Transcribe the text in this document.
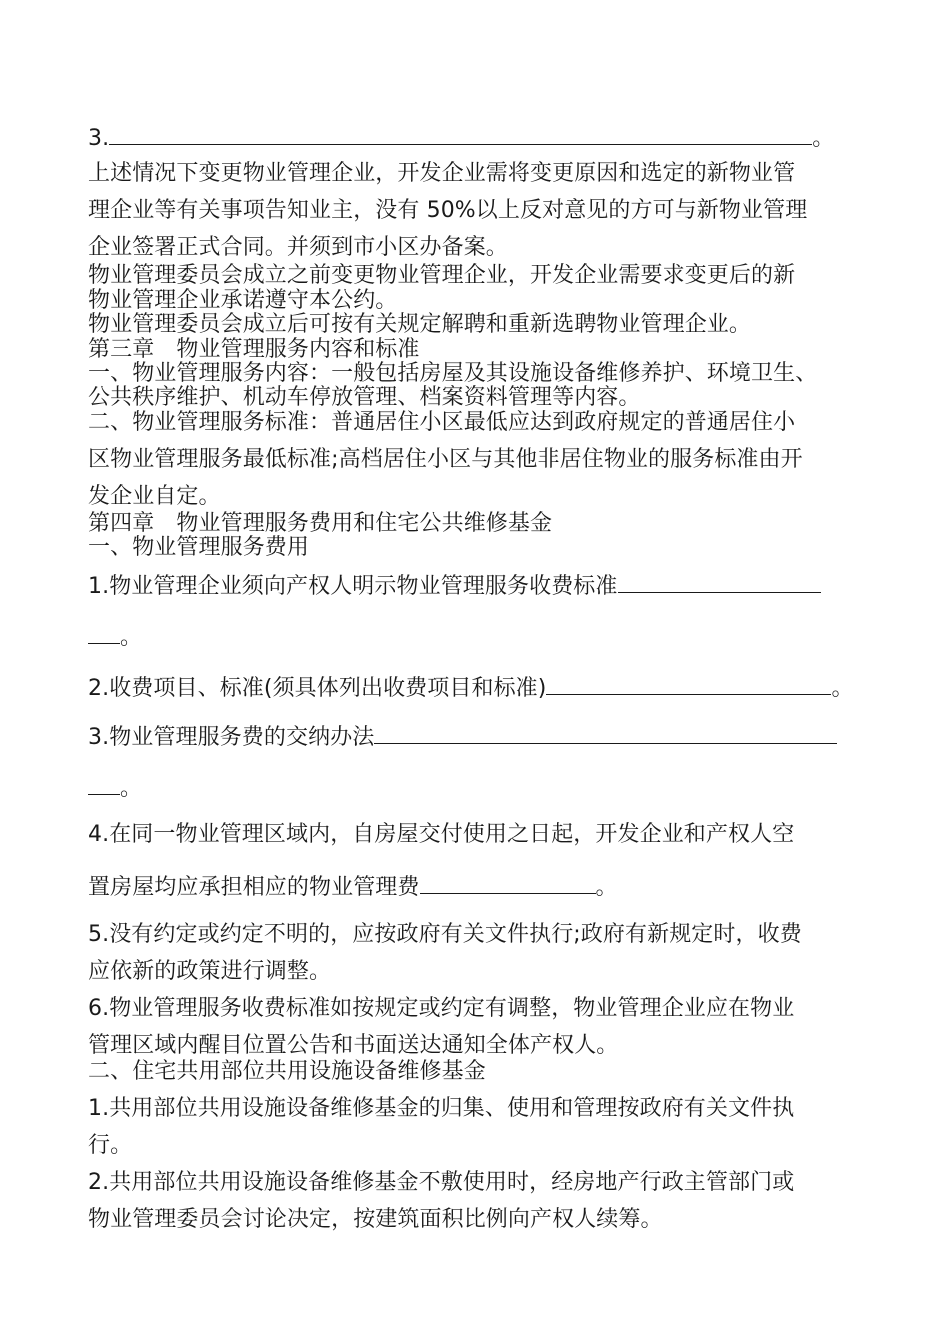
3.	。
上述情况下变更物业管理企业，开发企业需将变更原因和选定的新物业管
理企业等有关事项告知业主，没有 50%以上反对意见的方可与新物业管理
企业签署正式合同。并须到市小区办备案。
物业管理委员会成立之前变更物业管理企业，开发企业需要求变更后的新
物业管理企业承诺遵守本公约。
物业管理委员会成立后可按有关规定解聘和重新选聘物业管理企业。
第三章　物业管理服务内容和标准
一、物业管理服务内容：一般包括房屋及其设施设备维修养护、环境卫生、
公共秩序维护、机动车停放管理、档案资料管理等内容。
二、物业管理服务标准：普通居住小区最低应达到政府规定的普通居住小
区物业管理服务最低标准;高档居住小区与其他非居住物业的服务标准由开
发企业自定。
第四章　物业管理服务费用和住宅公共维修基金
一、物业管理服务费用
1.物业管理企业须向产权人明示物业管理服务收费标准
。
2.收费项目、标准(须具体列出收费项目和标准)	。
3.物业管理服务费的交纳办法
。
4.在同一物业管理区域内，自房屋交付使用之日起，开发企业和产权人空
置房屋均应承担相应的物业管理费	。
5.没有约定或约定不明的，应按政府有关文件执行;政府有新规定时，收费
应依新的政策进行调整。
6.物业管理服务收费标准如按规定或约定有调整，物业管理企业应在物业
管理区域内醒目位置公告和书面送达通知全体产权人。
二、住宅共用部位共用设施设备维修基金
1.共用部位共用设施设备维修基金的归集、使用和管理按政府有关文件执
行。
2.共用部位共用设施设备维修基金不敷使用时，经房地产行政主管部门或
物业管理委员会讨论决定，按建筑面积比例向产权人续筹。
